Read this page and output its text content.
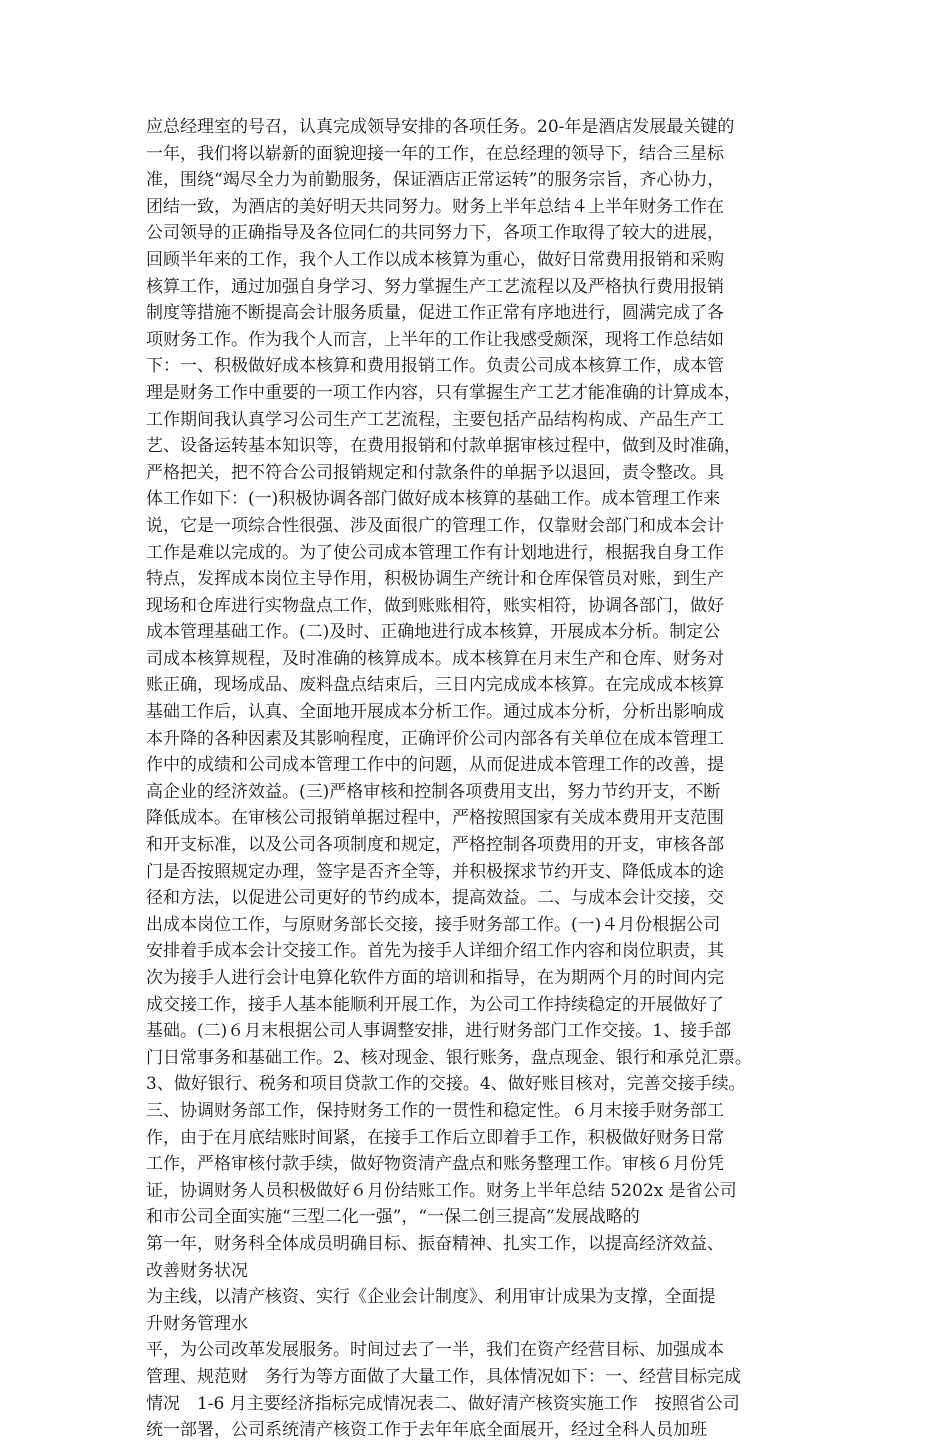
应总经理室的号召，认真完成领导安排的各项任务。20-年是酒店发展最关键的
一年，我们将以崭新的面貌迎接一年的工作，在总经理的领导下，结合三星标
准，围绕“竭尽全力为前勤服务，保证酒店正常运转”的服务宗旨，齐心协力，
团结一致，为酒店的美好明天共同努力。财务上半年总结４上半年财务工作在
公司领导的正确指导及各位同仁的共同努力下，各项工作取得了较大的进展，
回顾半年来的工作，我个人工作以成本核算为重心，做好日常费用报销和采购
核算工作，通过加强自身学习、努力掌握生产工艺流程以及严格执行费用报销
制度等措施不断提高会计服务质量，促进工作正常有序地进行，圆满完成了各
项财务工作。作为我个人而言，上半年的工作让我感受颇深，现将工作总结如
下：一、积极做好成本核算和费用报销工作。负责公司成本核算工作，成本管
理是财务工作中重要的一项工作内容，只有掌握生产工艺才能准确的计算成本，
工作期间我认真学习公司生产工艺流程，主要包括产品结构构成、产品生产工
艺、设备运转基本知识等，在费用报销和付款单据审核过程中，做到及时准确，
严格把关，把不符合公司报销规定和付款条件的单据予以退回，责令整改。具
体工作如下：(一)积极协调各部门做好成本核算的基础工作。成本管理工作来
说，它是一项综合性很强、涉及面很广的管理工作，仅靠财会部门和成本会计
工作是难以完成的。为了使公司成本管理工作有计划地进行，根据我自身工作
特点，发挥成本岗位主导作用，积极协调生产统计和仓库保管员对账，到生产
现场和仓库进行实物盘点工作，做到账账相符，账实相符，协调各部门，做好
成本管理基础工作。(二)及时、正确地进行成本核算，开展成本分析。制定公
司成本核算规程，及时准确的核算成本。成本核算在月末生产和仓库、财务对
账正确，现场成品、废料盘点结束后，三日内完成成本核算。在完成成本核算
基础工作后，认真、全面地开展成本分析工作。通过成本分析，分析出影响成
本升降的各种因素及其影响程度，正确评价公司内部各有关单位在成本管理工
作中的成绩和公司成本管理工作中的问题，从而促进成本管理工作的改善，提
高企业的经济效益。(三)严格审核和控制各项费用支出，努力节约开支，不断
降低成本。在审核公司报销单据过程中，严格按照国家有关成本费用开支范围
和开支标准，以及公司各项制度和规定，严格控制各项费用的开支，审核各部
门是否按照规定办理，签字是否齐全等，并积极探求节约开支、降低成本的途
径和方法，以促进公司更好的节约成本，提高效益。二、与成本会计交接，交
出成本岗位工作，与原财务部长交接，接手财务部工作。(一)４月份根据公司
安排着手成本会计交接工作。首先为接手人详细介绍工作内容和岗位职责，其
次为接手人进行会计电算化软件方面的培训和指导，在为期两个月的时间内完
成交接工作，接手人基本能顺利开展工作，为公司工作持续稳定的开展做好了
基础。(二)６月末根据公司人事调整安排，进行财务部门工作交接。1、接手部
门日常事务和基础工作。2、核对现金、银行账务，盘点现金、银行和承兑汇票。
3、做好银行、税务和项目贷款工作的交接。4、做好账目核对，完善交接手续。
三、协调财务部工作，保持财务工作的一贯性和稳定性。６月末接手财务部工
作，由于在月底结账时间紧，在接手工作后立即着手工作，积极做好财务日常
工作，严格审核付款手续，做好物资清产盘点和账务整理工作。审核６月份凭
证，协调财务人员积极做好６月份结账工作。财务上半年总结 5202x 是省公司
和市公司全面实施“三型二化一强”，“一保二创三提高”发展战略的
第一年，财务科全体成员明确目标、振奋精神、扎实工作，以提高经济效益、
改善财务状况
为主线，以清产核资、实行《企业会计制度》、利用审计成果为支撑，全面提
升财务管理水
平，为公司改革发展服务。时间过去了一半，我们在资产经营目标、加强成本
管理、规范财　务行为等方面做了大量工作，具体情况如下：一、经营目标完成
情况　1-6 月主要经济指标完成情况表二、做好清产核资实施工作　按照省公司
统一部署，公司系统清产核资工作于去年年底全面展开，经过全科人员加班
